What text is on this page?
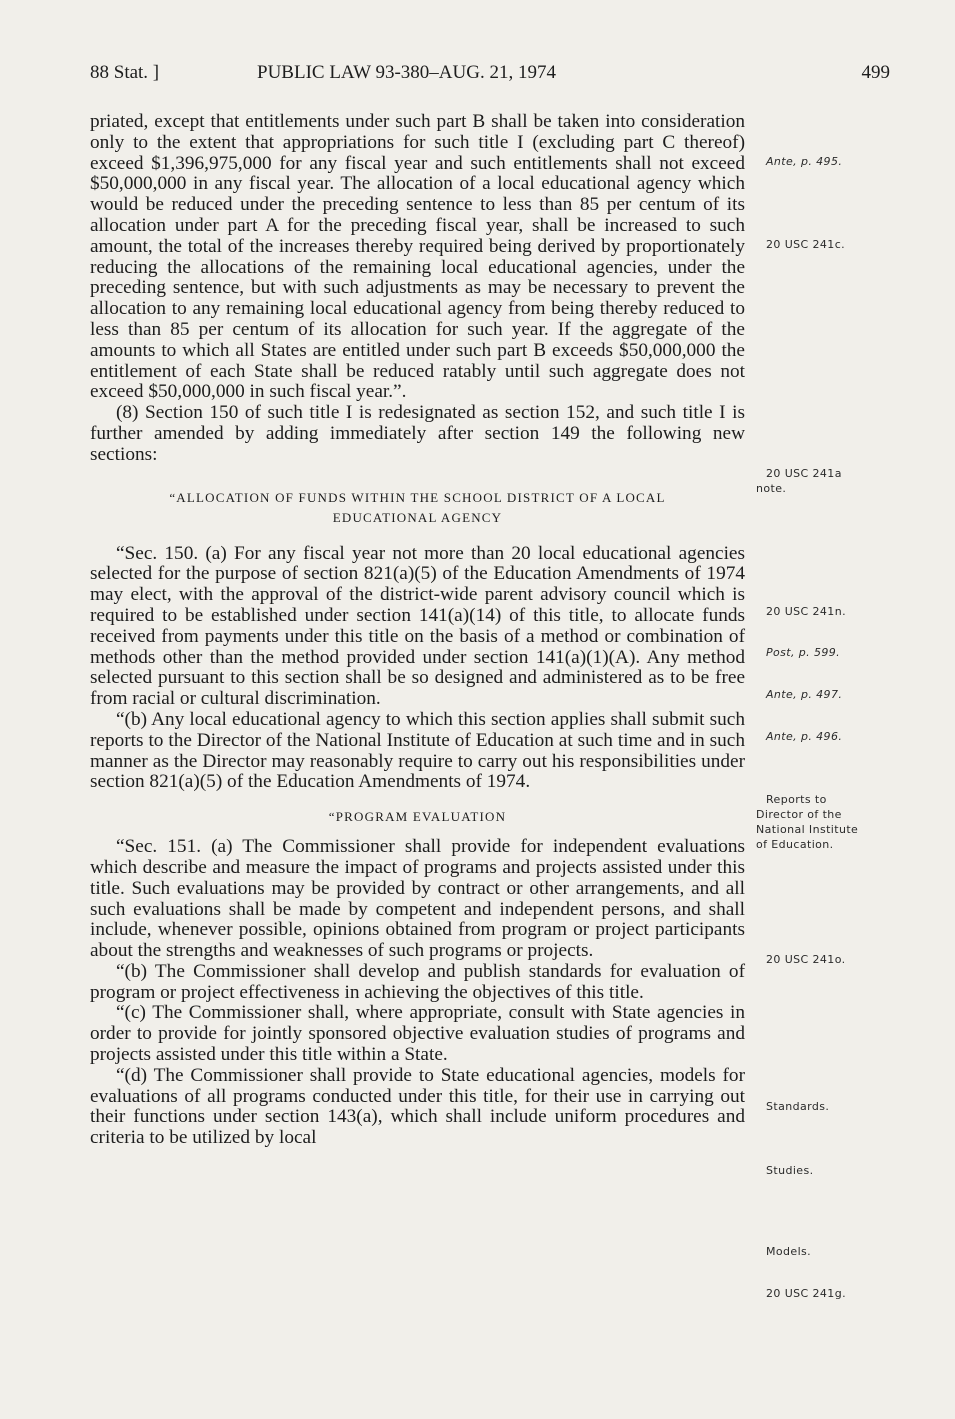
88 Stat. ]	PUBLIC LAW 93-380–AUG. 21, 1974	499

priated, except that entitlements under such part B shall be taken into consideration only to the extent that appropriations for such title I (excluding part C thereof) exceed $1,396,975,000 for any fiscal year and such entitlements shall not exceed $50,000,000 in any fiscal year. The allocation of a local educational agency which would be reduced under the preceding sentence to less than 85 per centum of its allocation under part A for the preceding fiscal year, shall be increased to such amount, the total of the increases thereby required being derived by proportionately reducing the allocations of the remaining local educational agencies, under the preceding sentence, but with such adjustments as may be necessary to prevent the allocation to any remaining local educational agency from being thereby reduced to less than 85 per centum of its allocation for such year. If the aggregate of the amounts to which all States are entitled under such part B exceeds $50,000,000 the entitlement of each State shall be reduced ratably until such aggregate does not exceed $50,000,000 in such fiscal year.”.

(8) Section 150 of such title I is redesignated as section 152, and such title I is further amended by adding immediately after section 149 the following new sections:

“ALLOCATION OF FUNDS WITHIN THE SCHOOL DISTRICT OF A LOCAL

EDUCATIONAL AGENCY

“Sec. 150. (a) For any fiscal year not more than 20 local educational agencies selected for the purpose of section 821(a)(5) of the Education Amendments of 1974 may elect, with the approval of the district-wide parent advisory council which is required to be established under section 141(a)(14) of this title, to allocate funds received from payments under this title on the basis of a method or combination of methods other than the method provided under section 141(a)(1)(A). Any method selected pursuant to this section shall be so designed and administered as to be free from racial or cultural discrimination.

“(b) Any local educational agency to which this section applies shall submit such reports to the Director of the National Institute of Education at such time and in such manner as the Director may reasonably require to carry out his responsibilities under section 821(a)(5) of the Education Amendments of 1974.

“PROGRAM EVALUATION

“Sec. 151. (a) The Commissioner shall provide for independent evaluations which describe and measure the impact of programs and projects assisted under this title. Such evaluations may be provided by contract or other arrangements, and all such evaluations shall be made by competent and independent persons, and shall include, whenever possible, opinions obtained from program or project participants about the strengths and weaknesses of such programs or projects.

“(b) The Commissioner shall develop and publish standards for evaluation of program or project effectiveness in achieving the objectives of this title.

“(c) The Commissioner shall, where appropriate, consult with State agencies in order to provide for jointly sponsored objective evaluation studies of programs and projects assisted under this title within a State.

“(d) The Commissioner shall provide to State educational agencies, models for evaluations of all programs conducted under this title, for their use in carrying out their functions under section 143(a), which shall include uniform procedures and criteria to be utilized by local

Ante, p. 495.
20 USC 241c.
20 USC 241a
note.
20 USC 241n.
Post, p. 599.
Ante, p. 497.
Ante, p. 496.
Reports to
Director of the
National Institute
of Education.
20 USC 241o.
Standards.
Studies.
Models.
20 USC 241g.
